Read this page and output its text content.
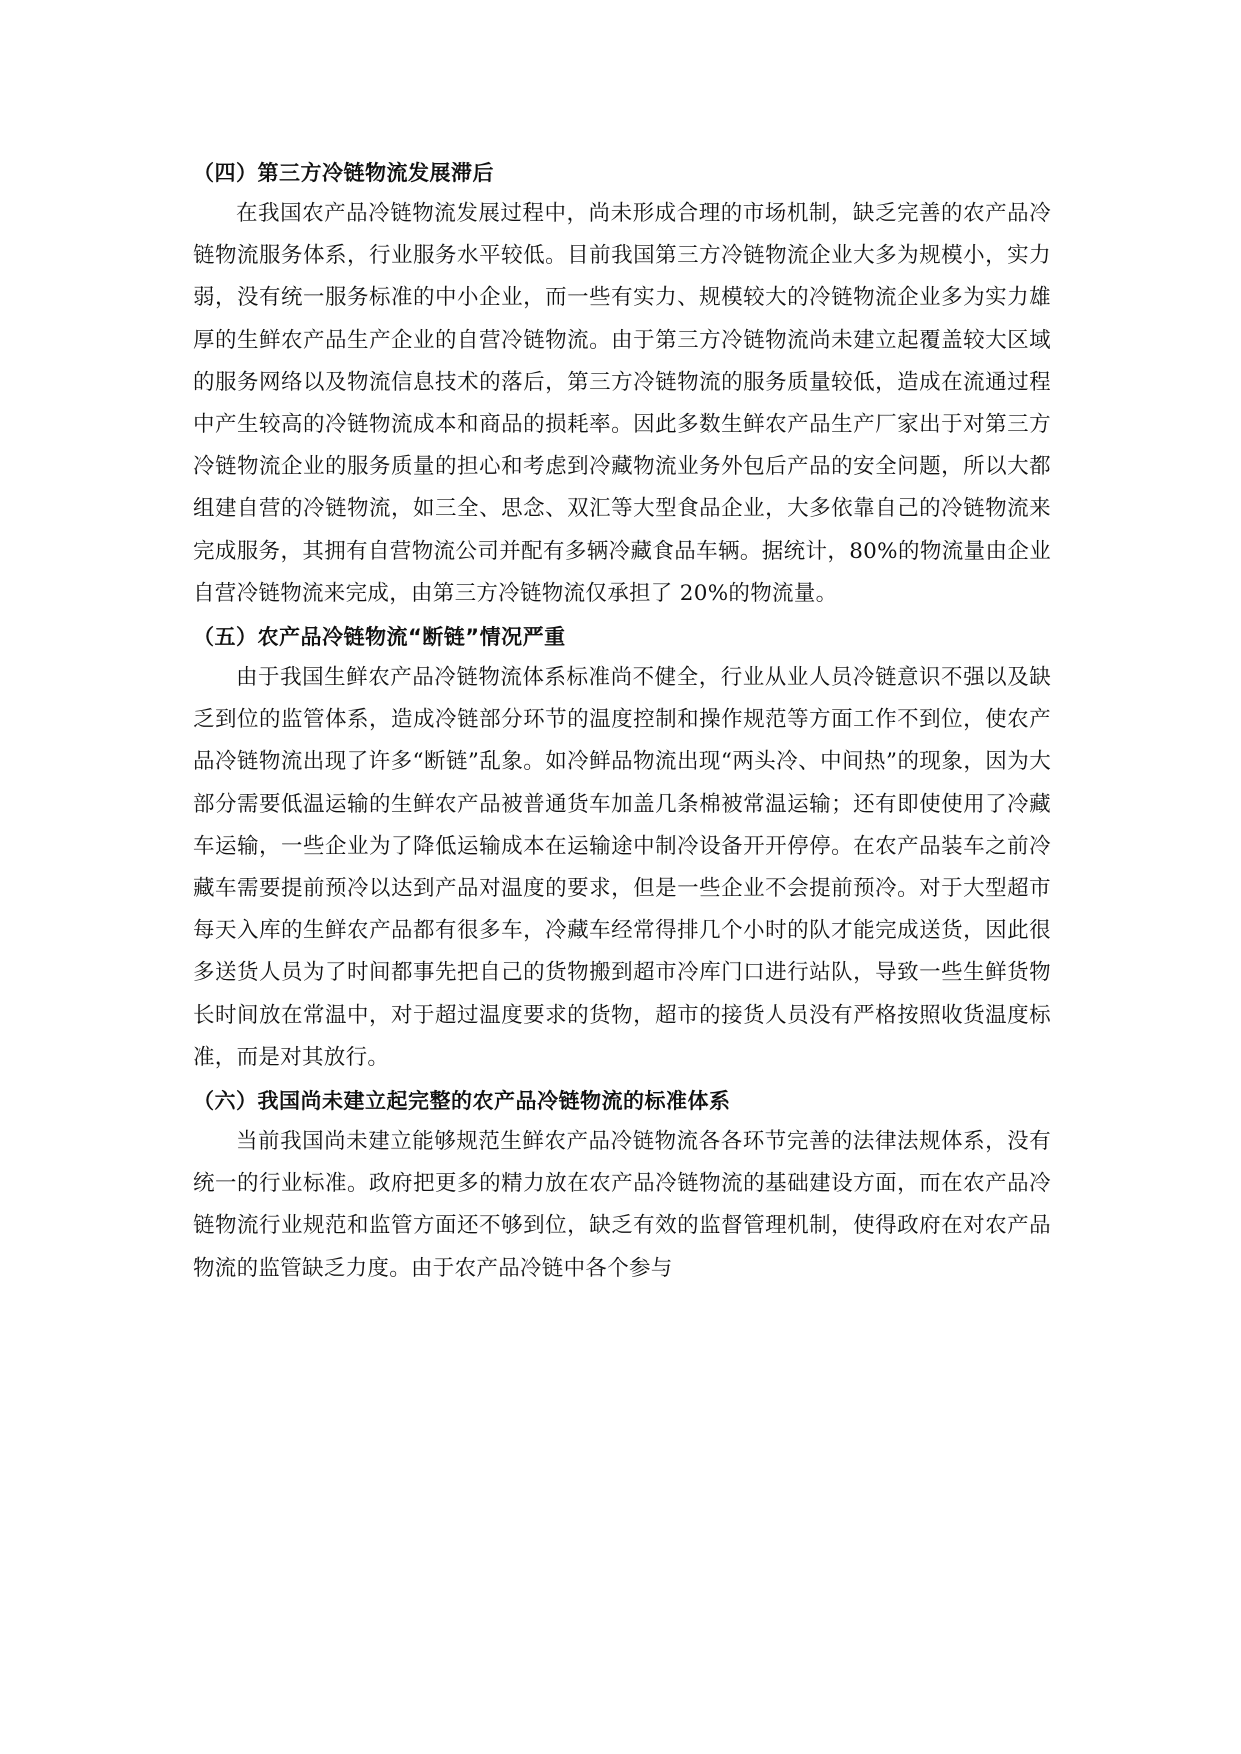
（四）第三方冷链物流发展滞后

在我国农产品冷链物流发展过程中，尚未形成合理的市场机制，缺乏完善的农产品冷链物流服务体系，行业服务水平较低。目前我国第三方冷链物流企业大多为规模小，实力弱，没有统一服务标准的中小企业，而一些有实力、规模较大的冷链物流企业多为实力雄厚的生鲜农产品生产企业的自营冷链物流。由于第三方冷链物流尚未建立起覆盖较大区域的服务网络以及物流信息技术的落后，第三方冷链物流的服务质量较低，造成在流通过程中产生较高的冷链物流成本和商品的损耗率。因此多数生鲜农产品生产厂家出于对第三方冷链物流企业的服务质量的担心和考虑到冷藏物流业务外包后产品的安全问题，所以大都组建自营的冷链物流，如三全、思念、双汇等大型食品企业，大多依靠自己的冷链物流来完成服务，其拥有自营物流公司并配有多辆冷藏食品车辆。据统计，80%的物流量由企业自营冷链物流来完成，由第三方冷链物流仅承担了 20%的物流量。

（五）农产品冷链物流“断链”情况严重

由于我国生鲜农产品冷链物流体系标准尚不健全，行业从业人员冷链意识不强以及缺乏到位的监管体系，造成冷链部分环节的温度控制和操作规范等方面工作不到位，使农产品冷链物流出现了许多“断链”乱象。如冷鲜品物流出现“两头冷、中间热”的现象，因为大部分需要低温运输的生鲜农产品被普通货车加盖几条棉被常温运输；还有即使使用了冷藏车运输，一些企业为了降低运输成本在运输途中制冷设备开开停停。在农产品装车之前冷藏车需要提前预冷以达到产品对温度的要求，但是一些企业不会提前预冷。对于大型超市每天入库的生鲜农产品都有很多车，冷藏车经常得排几个小时的队才能完成送货，因此很多送货人员为了时间都事先把自己的货物搬到超市冷库门口进行站队，导致一些生鲜货物长时间放在常温中，对于超过温度要求的货物，超市的接货人员没有严格按照收货温度标准，而是对其放行。

（六）我国尚未建立起完整的农产品冷链物流的标准体系

当前我国尚未建立能够规范生鲜农产品冷链物流各各环节完善的法律法规体系，没有统一的行业标准。政府把更多的精力放在农产品冷链物流的基础建设方面，而在农产品冷链物流行业规范和监管方面还不够到位，缺乏有效的监督管理机制，使得政府在对农产品物流的监管缺乏力度。由于农产品冷链中各个参与
